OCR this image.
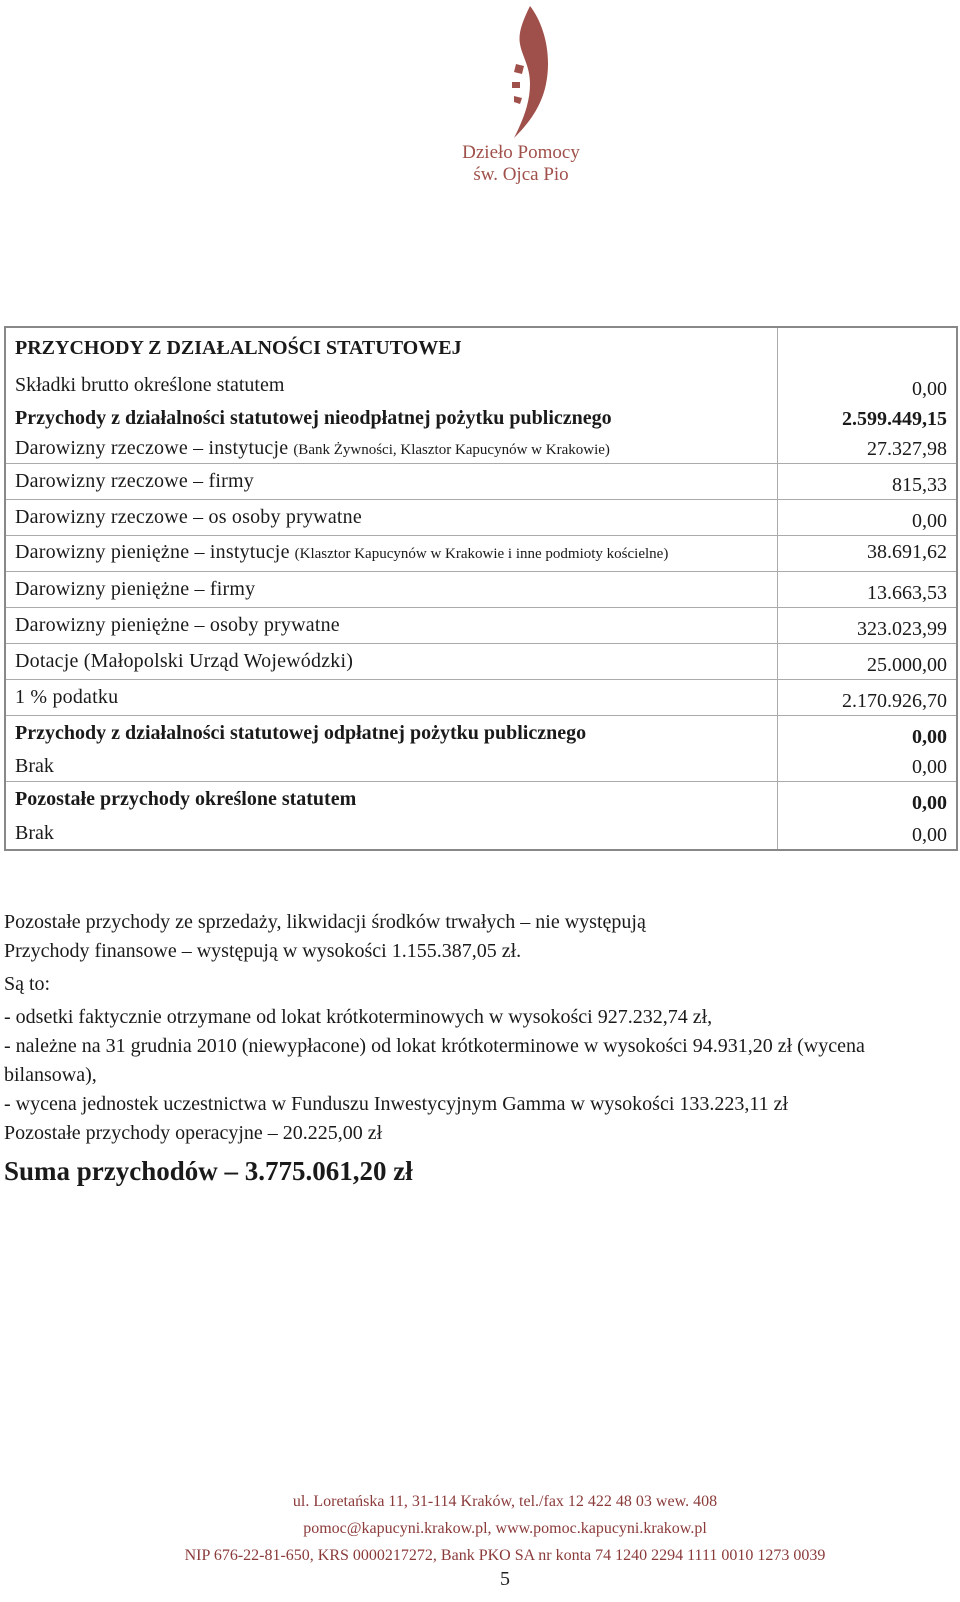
Dzieło Pomocy
św. Ojca Pio
PRZYCHODY Z DZIAŁALNOŚCI STATUTOWEJ	
Składki brutto określone statutem	0,00
Przychody z działalności statutowej nieodpłatnej pożytku publicznego	2.599.449,15
Darowizny rzeczowe – instytucje (Bank Żywności, Klasztor Kapucynów w Krakowie)	27.327,98
Darowizny rzeczowe – firmy	815,33
Darowizny rzeczowe – os osoby prywatne	0,00
Darowizny pieniężne – instytucje (Klasztor Kapucynów w Krakowie i inne podmioty kościelne)	38.691,62
Darowizny pieniężne – firmy	13.663,53
Darowizny pieniężne – osoby prywatne	323.023,99
Dotacje (Małopolski Urząd Wojewódzki)	25.000,00
1 % podatku	2.170.926,70
Przychody z działalności statutowej odpłatnej pożytku publicznego	0,00
Brak	0,00
Pozostałe przychody określone statutem	0,00
Brak	0,00

Pozostałe przychody ze sprzedaży, likwidacji środków trwałych – nie występują

Przychody finansowe – występują w wysokości 1.155.387,05 zł.

Są to:

- odsetki faktycznie otrzymane od lokat krótkoterminowych w wysokości 927.232,74 zł,

- należne na 31 grudnia 2010 (niewypłacone) od lokat krótkoterminowe w wysokości 94.931,20 zł (wycena bilansowa),

- wycena jednostek uczestnictwa w Funduszu Inwestycyjnym Gamma w wysokości 133.223,11 zł

Pozostałe przychody operacyjne – 20.225,00 zł

Suma przychodów – 3.775.061,20 zł
ul. Loretańska 11, 31-114 Kraków, tel./fax 12 422 48 03 wew. 408
pomoc@kapucyni.krakow.pl, www.pomoc.kapucyni.krakow.pl
NIP 676-22-81-650, KRS 0000217272, Bank PKO SA nr konta 74 1240 2294 1111 0010 1273 0039
5
